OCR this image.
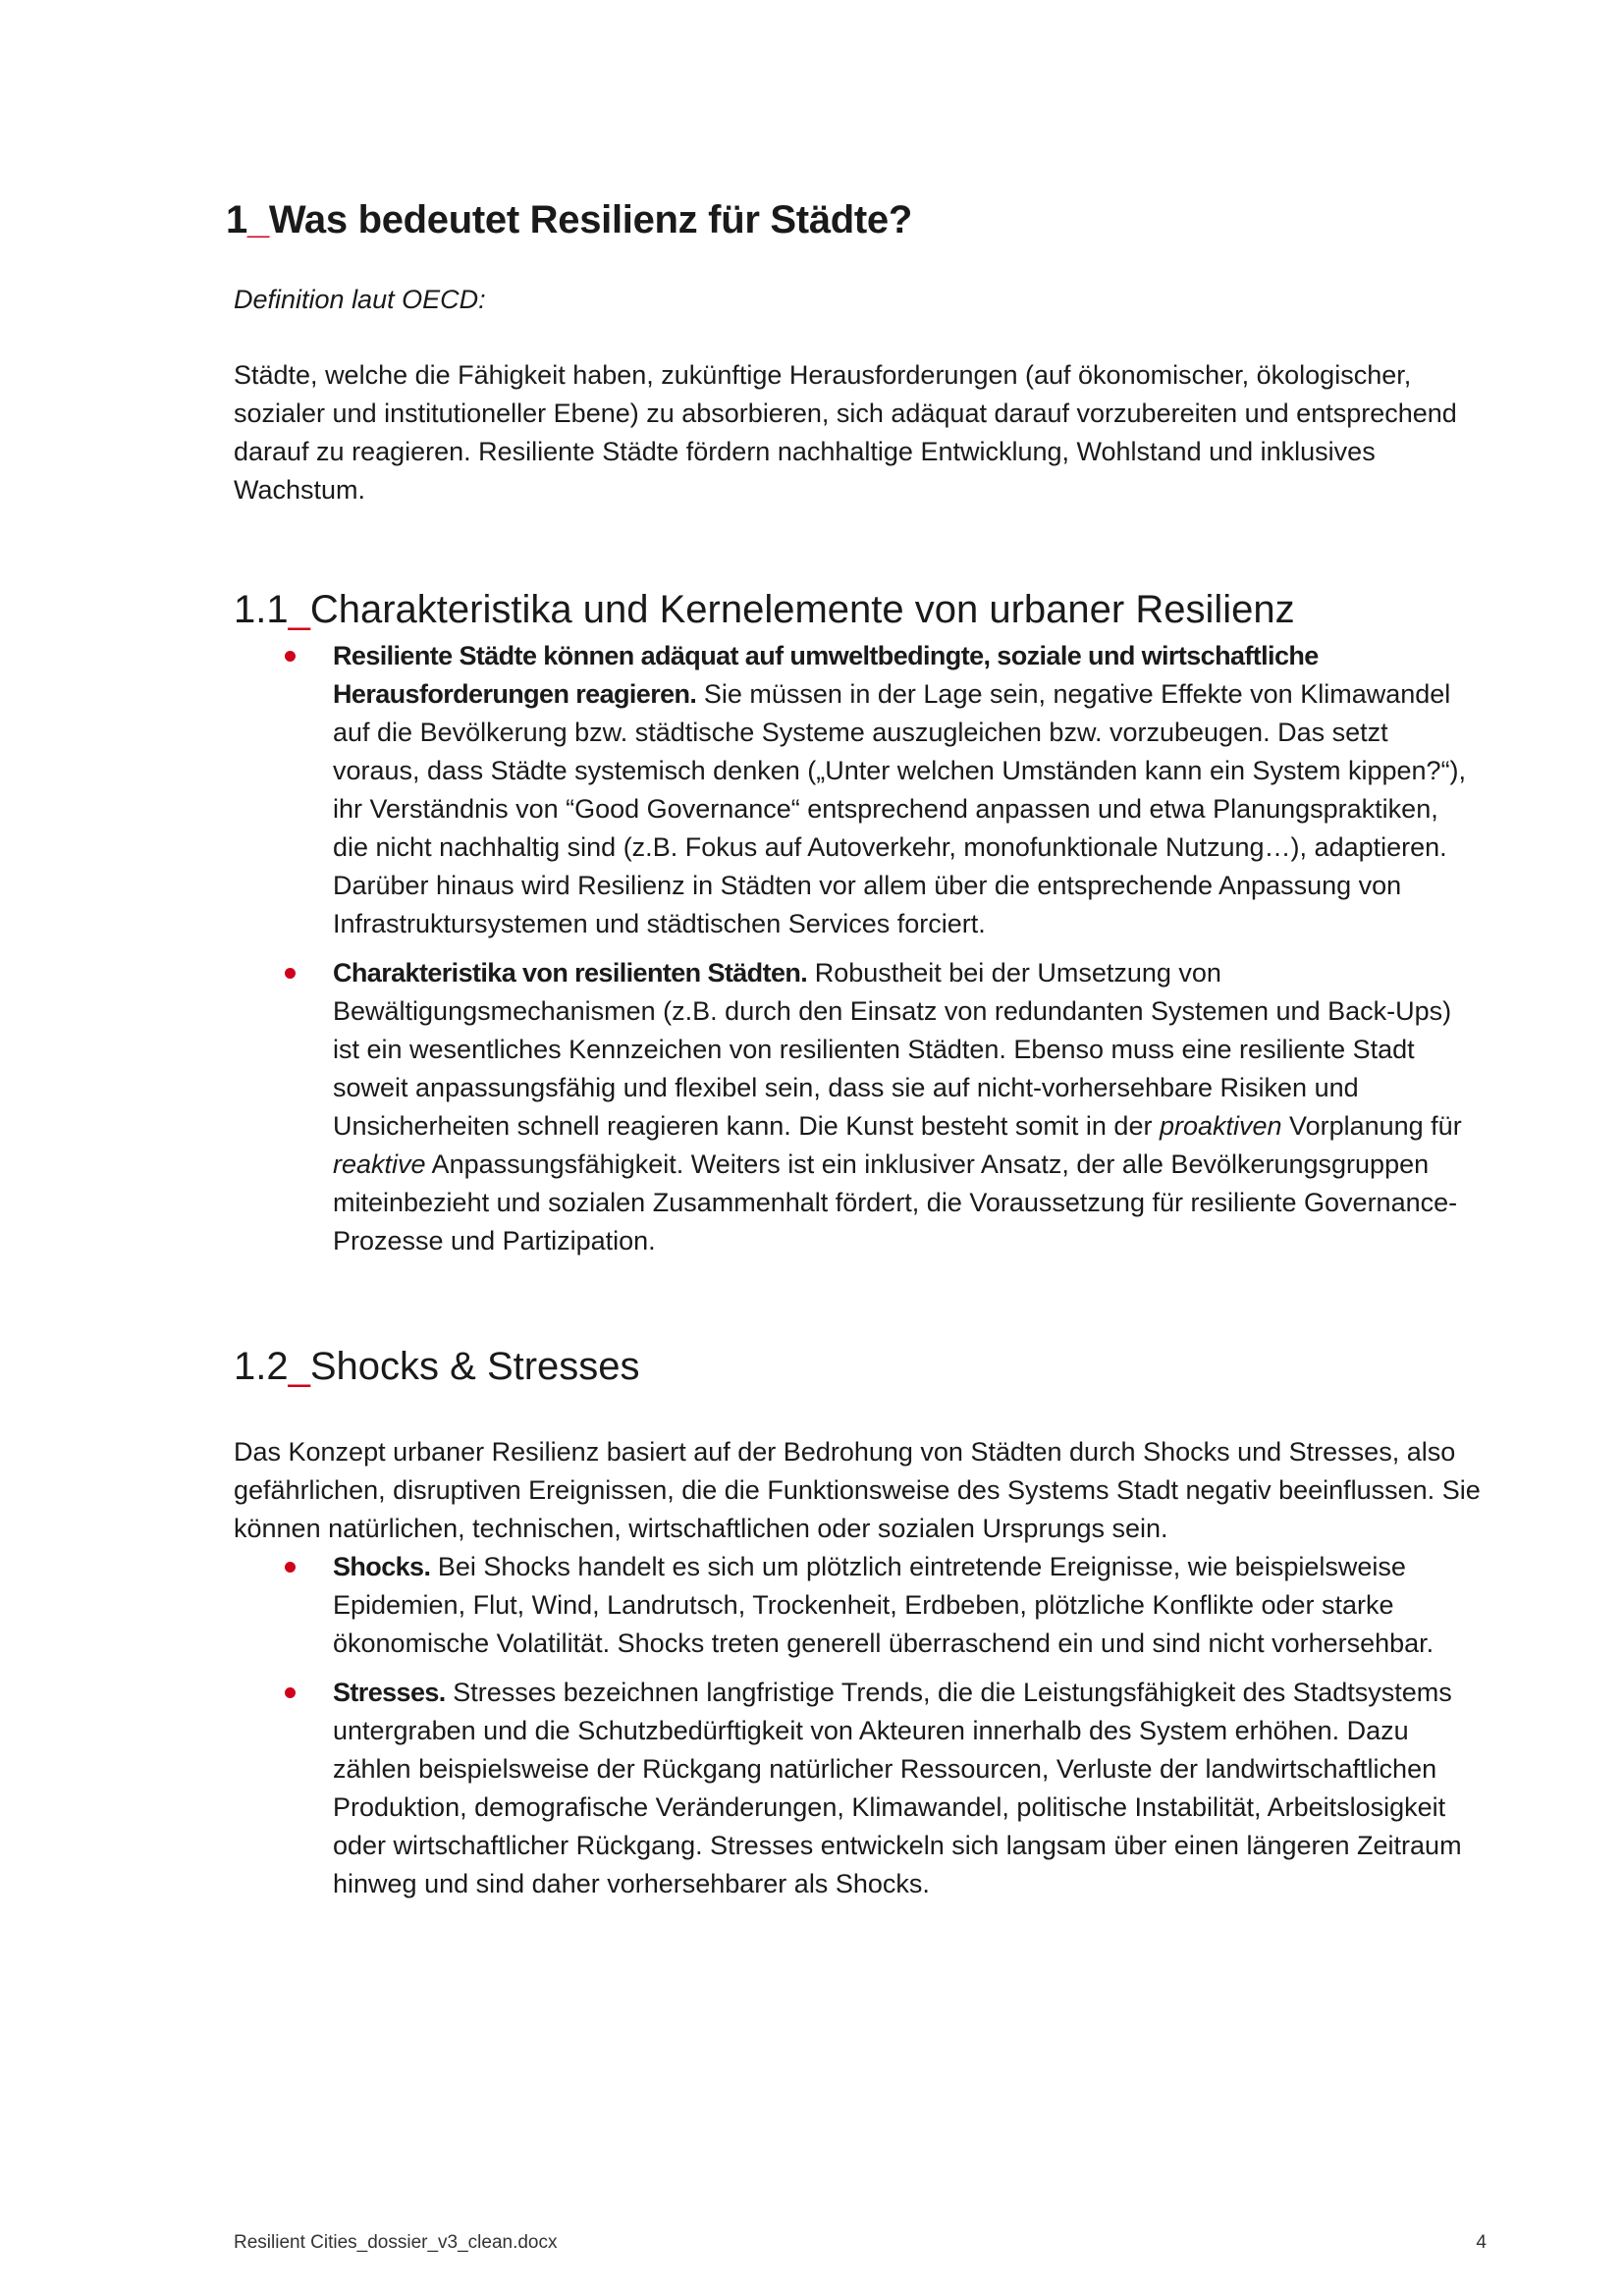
1_Was bedeutet Resilienz für Städte?

Definition laut OECD:

Städte, welche die Fähigkeit haben, zukünftige Herausforderungen (auf ökonomischer, ökologischer, sozialer und institutioneller Ebene) zu absorbieren, sich adäquat darauf vorzubereiten und entsprechend darauf zu reagieren. Resiliente Städte fördern nachhaltige Entwicklung, Wohlstand und inklusives Wachstum.

1.1_Charakteristika und Kernelemente von urbaner Resilienz
Resiliente Städte können adäquat auf umweltbedingte, soziale und wirtschaftliche Herausforderungen reagieren. Sie müssen in der Lage sein, negative Effekte von Klimawandel auf die Bevölkerung bzw. städtische Systeme auszugleichen bzw. vorzubeugen. Das setzt voraus, dass Städte systemisch denken („Unter welchen Umständen kann ein System kippen?“), ihr Verständnis von “Good Governance“ entsprechend anpassen und etwa Planungspraktiken, die nicht nachhaltig sind (z.B. Fokus auf Autoverkehr, monofunktionale Nutzung…), adaptieren. Darüber hinaus wird Resilienz in Städten vor allem über die entsprechende Anpassung von Infrastruktursystemen und städtischen Services forciert.
Charakteristika von resilienten Städten. Robustheit bei der Umsetzung von Bewältigungsmechanismen (z.B. durch den Einsatz von redundanten Systemen und Back-Ups) ist ein wesentliches Kennzeichen von resilienten Städten. Ebenso muss eine resiliente Stadt soweit anpassungsfähig und flexibel sein, dass sie auf nicht-vorhersehbare Risiken und Unsicherheiten schnell reagieren kann. Die Kunst besteht somit in der proaktiven Vorplanung für reaktive Anpassungsfähigkeit. Weiters ist ein inklusiver Ansatz, der alle Bevölkerungsgruppen miteinbezieht und sozialen Zusammenhalt fördert, die Voraussetzung für resiliente Governance-Prozesse und Partizipation.
1.2_Shocks & Stresses

Das Konzept urbaner Resilienz basiert auf der Bedrohung von Städten durch Shocks und Stresses, also gefährlichen, disruptiven Ereignissen, die die Funktionsweise des Systems Stadt negativ beeinflussen. Sie können natürlichen, technischen, wirtschaftlichen oder sozialen Ursprungs sein.

Shocks. Bei Shocks handelt es sich um plötzlich eintretende Ereignisse, wie beispielsweise Epidemien, Flut, Wind, Landrutsch, Trockenheit, Erdbeben, plötzliche Konflikte oder starke ökonomische Volatilität. Shocks treten generell überraschend ein und sind nicht vorhersehbar.
Stresses. Stresses bezeichnen langfristige Trends, die die Leistungsfähigkeit des Stadtsystems untergraben und die Schutzbedürftigkeit von Akteuren innerhalb des System erhöhen. Dazu zählen beispielsweise der Rückgang natürlicher Ressourcen, Verluste der landwirtschaftlichen Produktion, demografische Veränderungen, Klimawandel, politische Instabilität, Arbeitslosigkeit oder wirtschaftlicher Rückgang. Stresses entwickeln sich langsam über einen längeren Zeitraum hinweg und sind daher vorhersehbarer als Shocks.
Resilient Cities_dossier_v3_clean.docx	4
